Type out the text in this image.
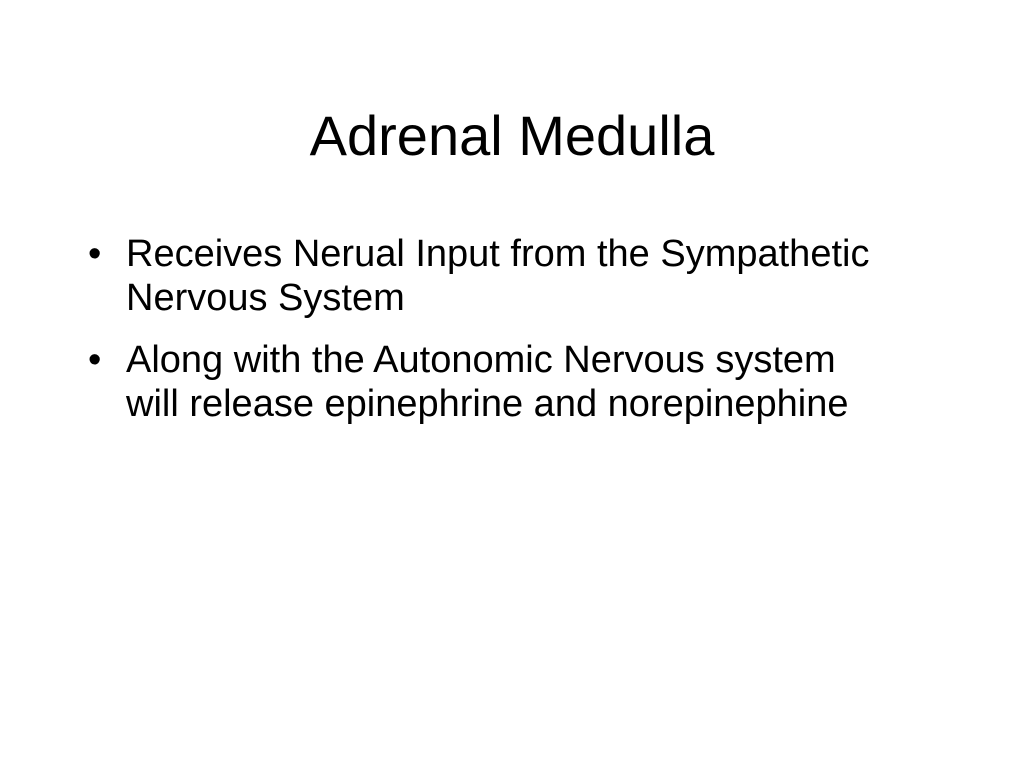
Adrenal Medulla
• Receives Nerual Input from the Sympathetic Nervous System
• Along with the Autonomic Nervous system will release epinephrine and norepinephine
